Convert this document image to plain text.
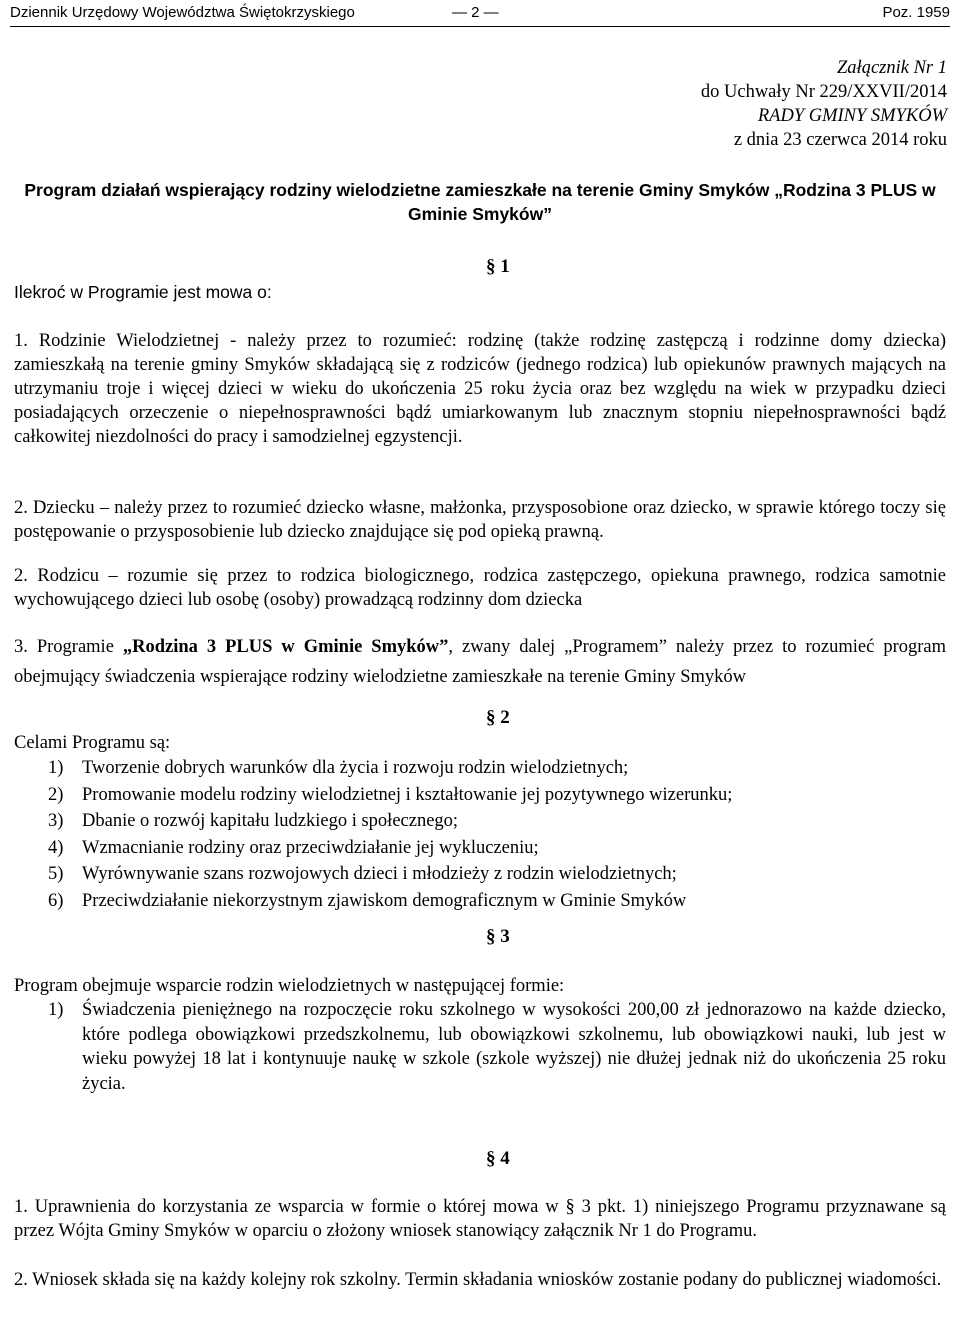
Dziennik Urzędowy Województwa Świętokrzyskiego	— 2 —	Poz. 1959
Załącznik Nr 1
do Uchwały Nr 229/XXVII/2014
RADY GMINY SMYKÓW
z dnia 23 czerwca 2014 roku
Program działań wspierający rodziny wielodzietne zamieszkałe na terenie Gminy Smyków „Rodzina 3 PLUS w Gminie Smyków”
§ 1
Ilekroć w Programie jest mowa o:
1. Rodzinie Wielodzietnej - należy przez to rozumieć: rodzinę (także rodzinę zastępczą i rodzinne domy dziecka) zamieszkałą na terenie gminy Smyków składającą się z rodziców (jednego rodzica) lub opiekunów prawnych mających na utrzymaniu troje i więcej dzieci w wieku do ukończenia 25 roku życia oraz bez względu na wiek w przypadku dzieci posiadających orzeczenie o niepełnosprawności bądź umiarkowanym lub znacznym stopniu niepełnosprawności bądź całkowitej niezdolności do pracy i samodzielnej egzystencji.
2. Dziecku – należy przez to rozumieć dziecko własne, małżonka, przysposobione oraz dziecko, w sprawie którego toczy się postępowanie o przysposobienie lub dziecko znajdujące się pod opieką prawną.
2. Rodzicu – rozumie się przez to rodzica biologicznego, rodzica zastępczego, opiekuna prawnego, rodzica samotnie wychowującego dzieci lub osobę (osoby) prowadzącą rodzinny dom dziecka
3. Programie „Rodzina 3 PLUS w Gminie Smyków”, zwany dalej „Programem” należy przez to rozumieć program obejmujący świadczenia wspierające rodziny wielodzietne zamieszkałe na terenie Gminy Smyków
§ 2
Celami Programu są:
1) Tworzenie dobrych warunków dla życia i rozwoju rodzin wielodzietnych;
2) Promowanie modelu rodziny wielodzietnej i kształtowanie jej pozytywnego wizerunku;
3) Dbanie o rozwój kapitału ludzkiego i społecznego;
4) Wzmacnianie rodziny oraz przeciwdziałanie jej wykluczeniu;
5) Wyrównywanie szans rozwojowych dzieci i młodzieży z rodzin wielodzietnych;
6) Przeciwdziałanie niekorzystnym zjawiskom demograficznym w Gminie Smyków
§ 3
Program obejmuje wsparcie rodzin wielodzietnych w następującej formie:
1) Świadczenia pieniężnego na rozpoczęcie roku szkolnego w wysokości 200,00 zł jednorazowo na każde dziecko, które podlega obowiązkowi przedszkolnemu, lub obowiązkowi szkolnemu, lub obowiązkowi nauki, lub jest w wieku powyżej 18 lat i kontynuuje naukę w szkole (szkole wyższej) nie dłużej jednak niż do ukończenia 25 roku życia.
§ 4
1. Uprawnienia do korzystania ze wsparcia w formie o której mowa w § 3 pkt. 1) niniejszego Programu przyznawane są przez Wójta Gminy Smyków w oparciu o złożony wniosek stanowiący załącznik Nr 1 do Programu.
2. Wniosek składa się na każdy kolejny rok szkolny. Termin składania wniosków zostanie podany do publicznej wiadomości.
